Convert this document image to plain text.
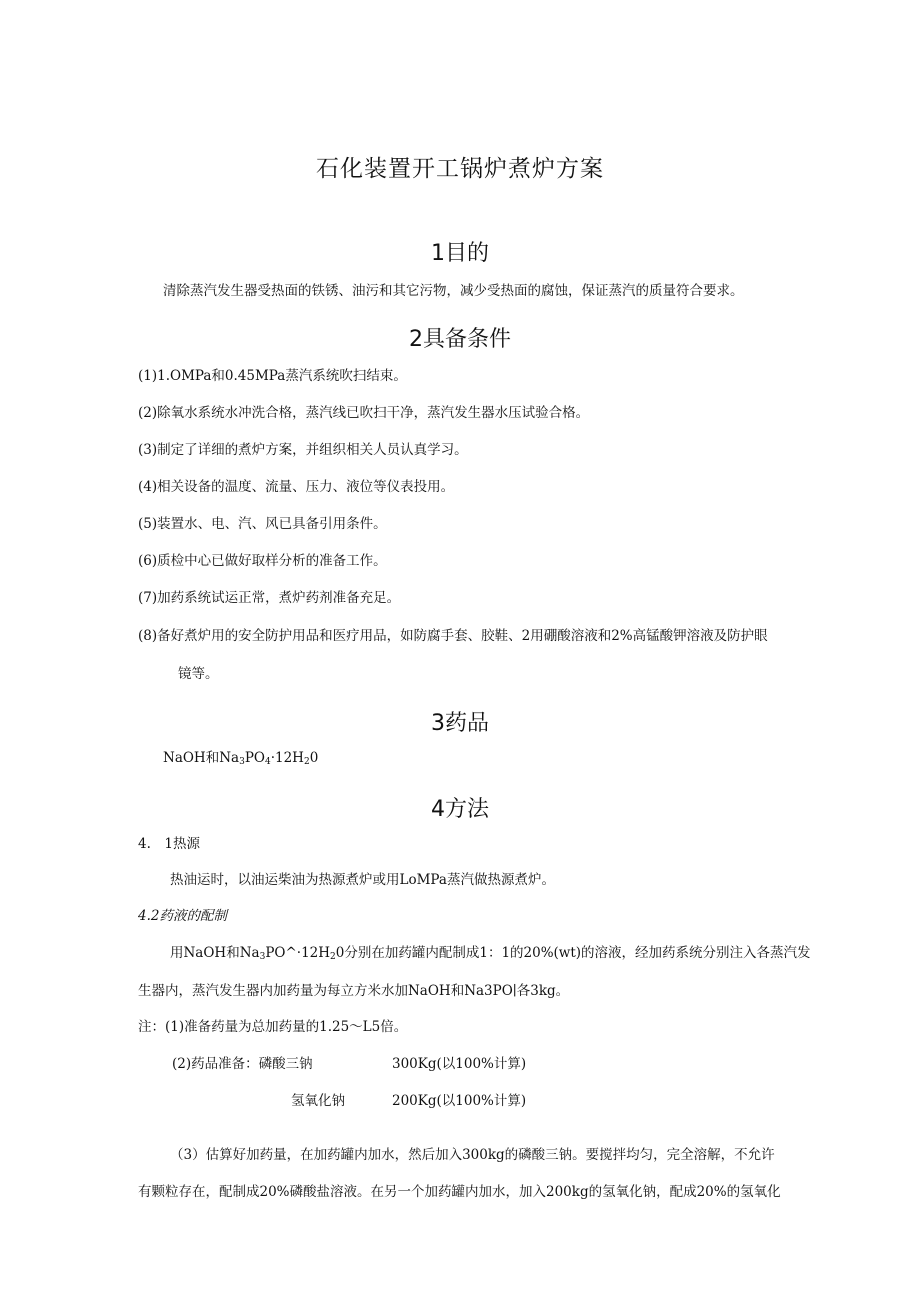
石化装置开工锅炉煮炉方案
1目的
清除蒸汽发生器受热面的铁锈、油污和其它污物，减少受热面的腐蚀，保证蒸汽的质量符合要求。
2具备条件
(1)1.OMPa和0.45MPa蒸汽系统吹扫结束。
(2)除氧水系统水冲洗合格，蒸汽线已吹扫干净，蒸汽发生器水压试验合格。
(3)制定了详细的煮炉方案，并组织相关人员认真学习。
(4)相关设备的温度、流量、压力、液位等仪表投用。
(5)装置水、电、汽、风已具备引用条件。
(6)质检中心已做好取样分析的准备工作。
(7)加药系统试运正常，煮炉药剂准备充足。
(8)备好煮炉用的安全防护用品和医疗用品，如防腐手套、胶鞋、2用硼酸溶液和2%高锰酸钾溶液及防护眼
镜等。
3药品
NaOH和$Na_3PO_4\cdot 12H_20$
4方法
4.　1热源
热油运时，以油运柴油为热源煮炉或用LoMPa蒸汽做热源煮炉。
4.2药液的配制
用NaOH和$Na_3PO\^{}\cdot 12H_20$分别在加药罐内配制成1：1的20%(wt)的溶液，经加药系统分别注入各蒸汽发
生器内，蒸汽发生器内加药量为每立方米水加NaOH和Na3PO∣各3kg。
注：(1)准备药量为总加药量的1.25～L5倍。
(2)药品准备：磷酸三钠	300Kg(以100%计算)
氢氧化钠	200Kg(以100%计算)
（3）估算好加药量，在加药罐内加水，然后加入300kg的磷酸三钠。要搅拌均匀，完全溶解，不允许
有颗粒存在，配制成20%磷酸盐溶液。在另一个加药罐内加水，加入200kg的氢氧化钠，配成20%的氢氧化
